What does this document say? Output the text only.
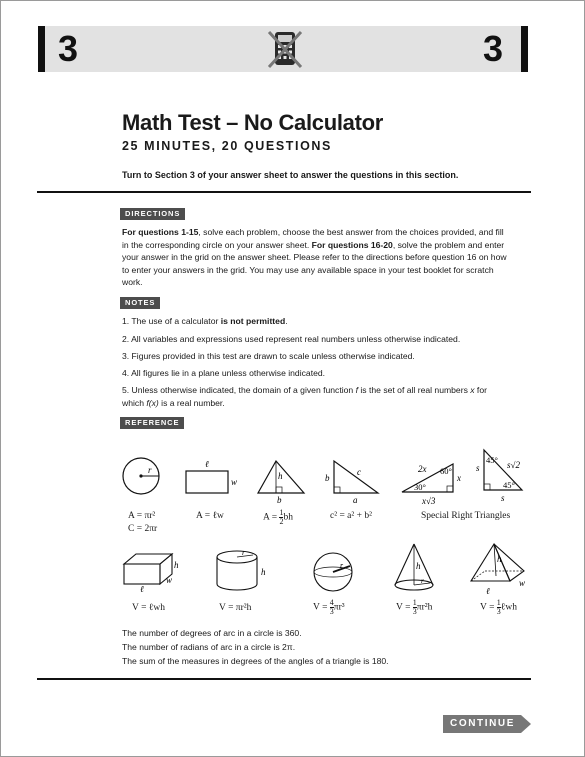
3	3
Math Test – No Calculator
25 MINUTES, 20 QUESTIONS
Turn to Section 3 of your answer sheet to answer the questions in this section.
DIRECTIONS
For questions 1-15, solve each problem, choose the best answer from the choices provided, and fill in the corresponding circle on your answer sheet. For questions 16-20, solve the problem and enter your answer in the grid on the answer sheet. Please refer to the directions before question 16 on how to enter your answers in the grid. You may use any available space in your test booklet for scratch work.
NOTES
1. The use of a calculator is not permitted.
2. All variables and expressions used represent real numbers unless otherwise indicated.
3. Figures provided in this test are drawn to scale unless otherwise indicated.
4. All figures lie in a plane unless otherwise indicated.
5. Unless otherwise indicated, the domain of a given function f is the set of all real numbers x for which f(x) is a real number.
REFERENCE
r
ℓ
w
h
b
b
c
a
2x 60°
30°
x
x√3
45°
s	s√2
45°
s
A = πr²
C = 2πr
A = ℓw	$A = \frac{1}{2}$ bh	c² = a² + b²	Special Right Triangles
h
w
ℓ
r
h
r	h
r
h
w
ℓ
V = ℓwh	V = πr²h	$V = \frac{4}{3} \pi r^3$	$V = \frac{1}{3} \pi r^2h$	$V = \frac{1}{3}$ ℓwh
The number of degrees of arc in a circle is 360.
The number of radians of arc in a circle is 2π.
The sum of the measures in degrees of the angles of a triangle is 180.
CONTINUE
